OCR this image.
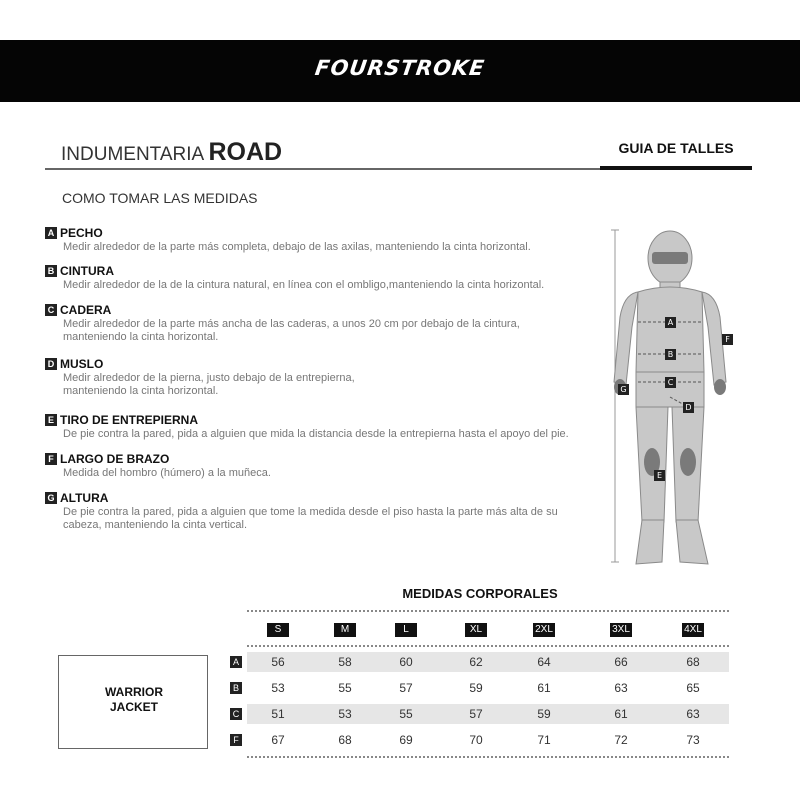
FOURSTROKE
INDUMENTARIA ROAD	GUIA DE TALLES
COMO TOMAR LAS MEDIDAS
A PECHO
Medir alrededor de la parte más completa, debajo de las axilas, manteniendo la cinta horizontal.
B CINTURA
Medir alrededor de la de la cintura natural, en línea con el ombligo,manteniendo la cinta horizontal.
C CADERA
Medir alrededor de la parte más ancha de las caderas, a unos 20 cm por debajo de la cintura,
manteniendo la cinta horizontal.
D MUSLO
Medir alrededor de la pierna, justo debajo de la entrepierna,
manteniendo la cinta horizontal.
E TIRO DE ENTREPIERNA
De pie contra la pared, pida a alguien que mida la distancia desde la entrepierna hasta el apoyo del pie.
F LARGO DE BRAZO
Medida del hombro (húmero) a la muñeca.
G ALTURA
De pie contra la pared, pida a alguien que tome la medida desde el piso hasta la parte más alta de su
cabeza, manteniendo la cinta vertical.
A
B
C
D
E
F
G
MEDIDAS CORPORALES
WARRIOR
JACKET
S	M	L	XL	2XL	3XL	4XL
A	56	58	60	62	64	66	68
B	53	55	57	59	61	63	65
C	51	53	55	57	59	61	63
F	67	68	69	70	71	72	73
